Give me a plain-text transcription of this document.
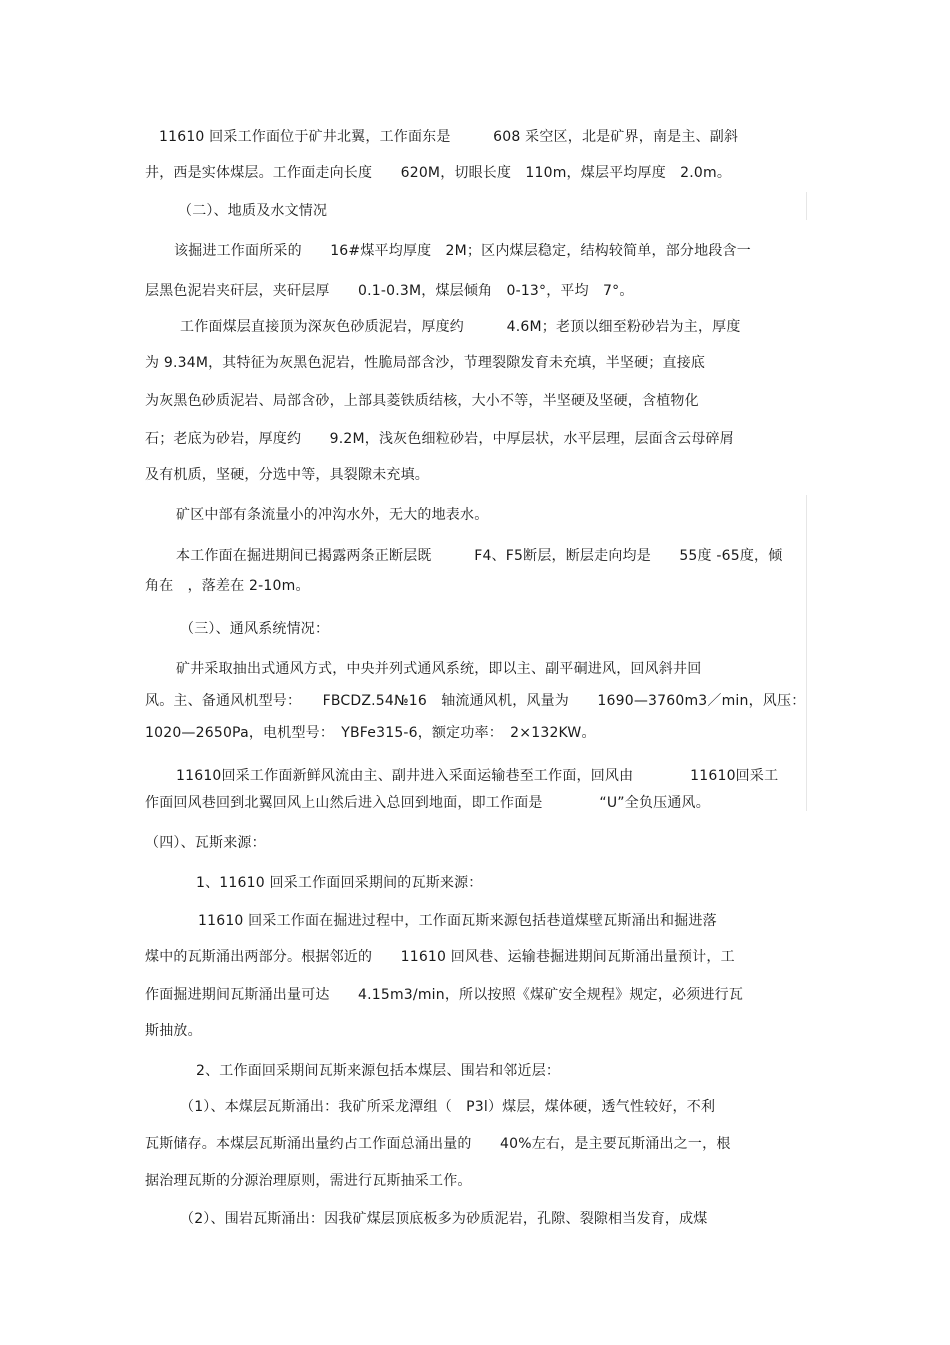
11610 回采工作面位于矿井北翼，工作面东是　　　608 采空区，北是矿界，南是主、副斜
井，西是实体煤层。工作面走向长度　　620M，切眼长度　110m，煤层平均厚度　2.0m。
（二）、地质及水文情况
该掘进工作面所采的　　16#煤平均厚度　2M；区内煤层稳定，结构较简单，部分地段含一
层黑色泥岩夹矸层，夹矸层厚　　0.1-0.3M，煤层倾角　0-13°，平均　7°。
工作面煤层直接顶为深灰色砂质泥岩，厚度约　　　4.6M；老顶以细至粉砂岩为主，厚度
为 9.34M，其特征为灰黑色泥岩，性脆局部含沙，节理裂隙发育未充填，半坚硬；直接底
为灰黑色砂质泥岩、局部含砂，上部具菱铁质结核，大小不等，半坚硬及坚硬，含植物化
石；老底为砂岩，厚度约　　9.2M，浅灰色细粒砂岩，中厚层状，水平层理，层面含云母碎屑
及有机质，坚硬，分选中等，具裂隙未充填。
矿区中部有条流量小的冲沟水外，无大的地表水。
本工作面在掘进期间已揭露两条正断层既　　　F4、F5断层，断层走向均是　　55度 -65度，倾
角在　，落差在 2-10m。
（三）、通风系统情况：
矿井采取抽出式通风方式，中央并列式通风系统，即以主、副平硐进风，回风斜井回
风。主、备通风机型号：　　FBCDZ.54№16　轴流通风机，风量为　　1690—3760m3／min，风压：
1020—2650Pa，电机型号：　YBFe315-6，额定功率：　2×132KW。
11610回采工作面新鲜风流由主、副井进入采面运输巷至工作面，回风由　　　　11610回采工
作面回风巷回到北翼回风上山然后进入总回到地面，即工作面是　　　　“U”全负压通风。
（四）、瓦斯来源：
1、11610 回采工作面回采期间的瓦斯来源：
11610 回采工作面在掘进过程中，工作面瓦斯来源包括巷道煤壁瓦斯涌出和掘进落
煤中的瓦斯涌出两部分。根据邻近的　　11610 回风巷、运输巷掘进期间瓦斯涌出量预计，工
作面掘进期间瓦斯涌出量可达　　4.15m3/min，所以按照《煤矿安全规程》规定，必须进行瓦
斯抽放。
2、工作面回采期间瓦斯来源包括本煤层、围岩和邻近层：
（1）、本煤层瓦斯涌出：我矿所采龙潭组（　P3l）煤层，煤体硬，透气性较好，不利
瓦斯储存。本煤层瓦斯涌出量约占工作面总涌出量的　　40%左右，是主要瓦斯涌出之一，根
据治理瓦斯的分源治理原则，需进行瓦斯抽采工作。
（2）、围岩瓦斯涌出：因我矿煤层顶底板多为砂质泥岩，孔隙、裂隙相当发育，成煤
